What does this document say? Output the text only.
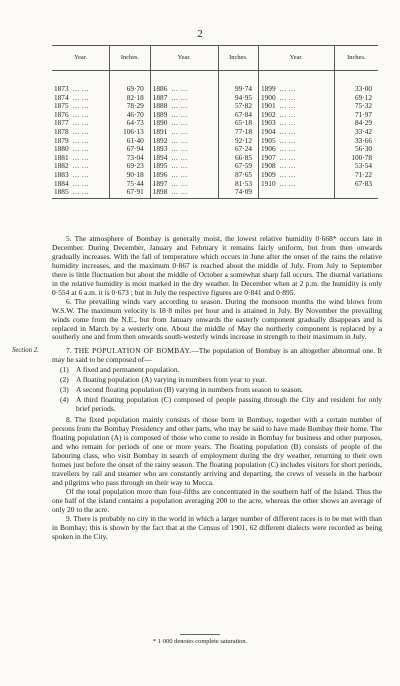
2
Year.	Inches.	Year.	Inches.	Year.	Inches.
1873 ... ...	69·70	1886 ... ...	99·74	1899 ... ...	33·00
1874 ... ...	82·18	1887 ... ...	94·95	1900 ... ...	69·12
1875 ... ...	78·29	1888 ... ...	57·82	1901 ... ...	75·32
1876 ... ...	46·70	1889 ... ...	67·84	1902 ... ...	71·97
1877 ... ...	64·73	1890 ... ...	65·18	1903 ... ...	84·29
1878 ... ...	106·13	1891 ... ...	77·18	1904 ... ...	33·42
1879 ... ...	61·40	1892 ... ...	92·12	1905 ... ...	33·66
1880 ... ...	67·94	1893 ... ...	67·24	1906 ... ...	56·30
1881 ... ...	73·04	1894 ... ...	66·85	1907 ... ...	100·78
1882 ... ...	69·23	1895 ... ...	67·59	1908 ... ...	53·54
1883 ... ...	90·18	1896 ... ...	87·65	1909 ... ...	71·22
1884 ... ...	75·44	1897 ... ...	81·53	1910 ... ...	67·83
1885 ... ...	67·91	1898 ... ...	74·09		

5. The atmosphere of Bombay is generally moist, the lowest relative humidity 0·668* occurs late in December. During December, January and February it remains fairly uniform, but from then onwards gradually increases. With the fall of temperature which occurs in June after the onset of the rains the relative humidity increases, and the maximum 0·867 is reached about the middle of July. From July to September there is little fluctuation but about the middle of October a somewhat sharp fall occurs. The diurnal variations in the relative humidity is most marked in the dry weather. In December when at 2 p.m. the humidity is only 0·554 at 6 a.m. it is 0·673 ; but in July the respective figures are 0·841 and 0·895.

6. The prevailing winds vary according to season. During the monsoon months the wind blows from W.S.W. The maximum velocity is 18·8 miles per hour and is attained in July. By November the prevailing winds come from the N.E., but from January onwards the easterly component gradually disappears and is replaced in March by a westerly one. About the middle of May the northerly component is replaced by a southerly one and from then onwards south-westerly winds increase in strength to their maximum in July.

Section 2.	7. THE POPULATION OF BOMBAY.—The population of Bombay is an altogether abnormal one. It may be said to be composed of—

(1) A fixed and permanent population.

(2) A floating population (A) varying in numbers from year to year.

(3) A second floating population (B) varying in numbers from season to season.

(4) A third floating population (C) composed of people passing through the City and resident for only brief periods.

8. The fixed population mainly consists of those born in Bombay, together with a certain number of persons from the Bombay Presidency and other parts, who may be said to have made Bombay their home. The floating population (A) is composed of those who come to reside in Bombay for business and other purposes, and who remain for periods of one or more years. The floating population (B) consists of people of the labouring class, who visit Bombay in search of employment during the dry weather, returning to their own homes just before the onset of the rainy season. The floating population (C) includes visitors for short periods, travellers by rail and steamer who are constantly arriving and departing, the crews of vessels in the harbour and pilgrims who pass through on their way to Mecca.

Of the total population more than four-fifths are concentrated in the southern half of the Island. Thus the one half of the island contains a population averaging 200 to the acre, whereas the other shows an average of only 20 to the acre.

9. There is probably no city in the world in which a larger number of different races is to be met with than in Bombay; this is shown by the fact that at the Census of 1901, 62 different dialects were recorded as being spoken in the City.

* 1·000 denotes complete saturation.
